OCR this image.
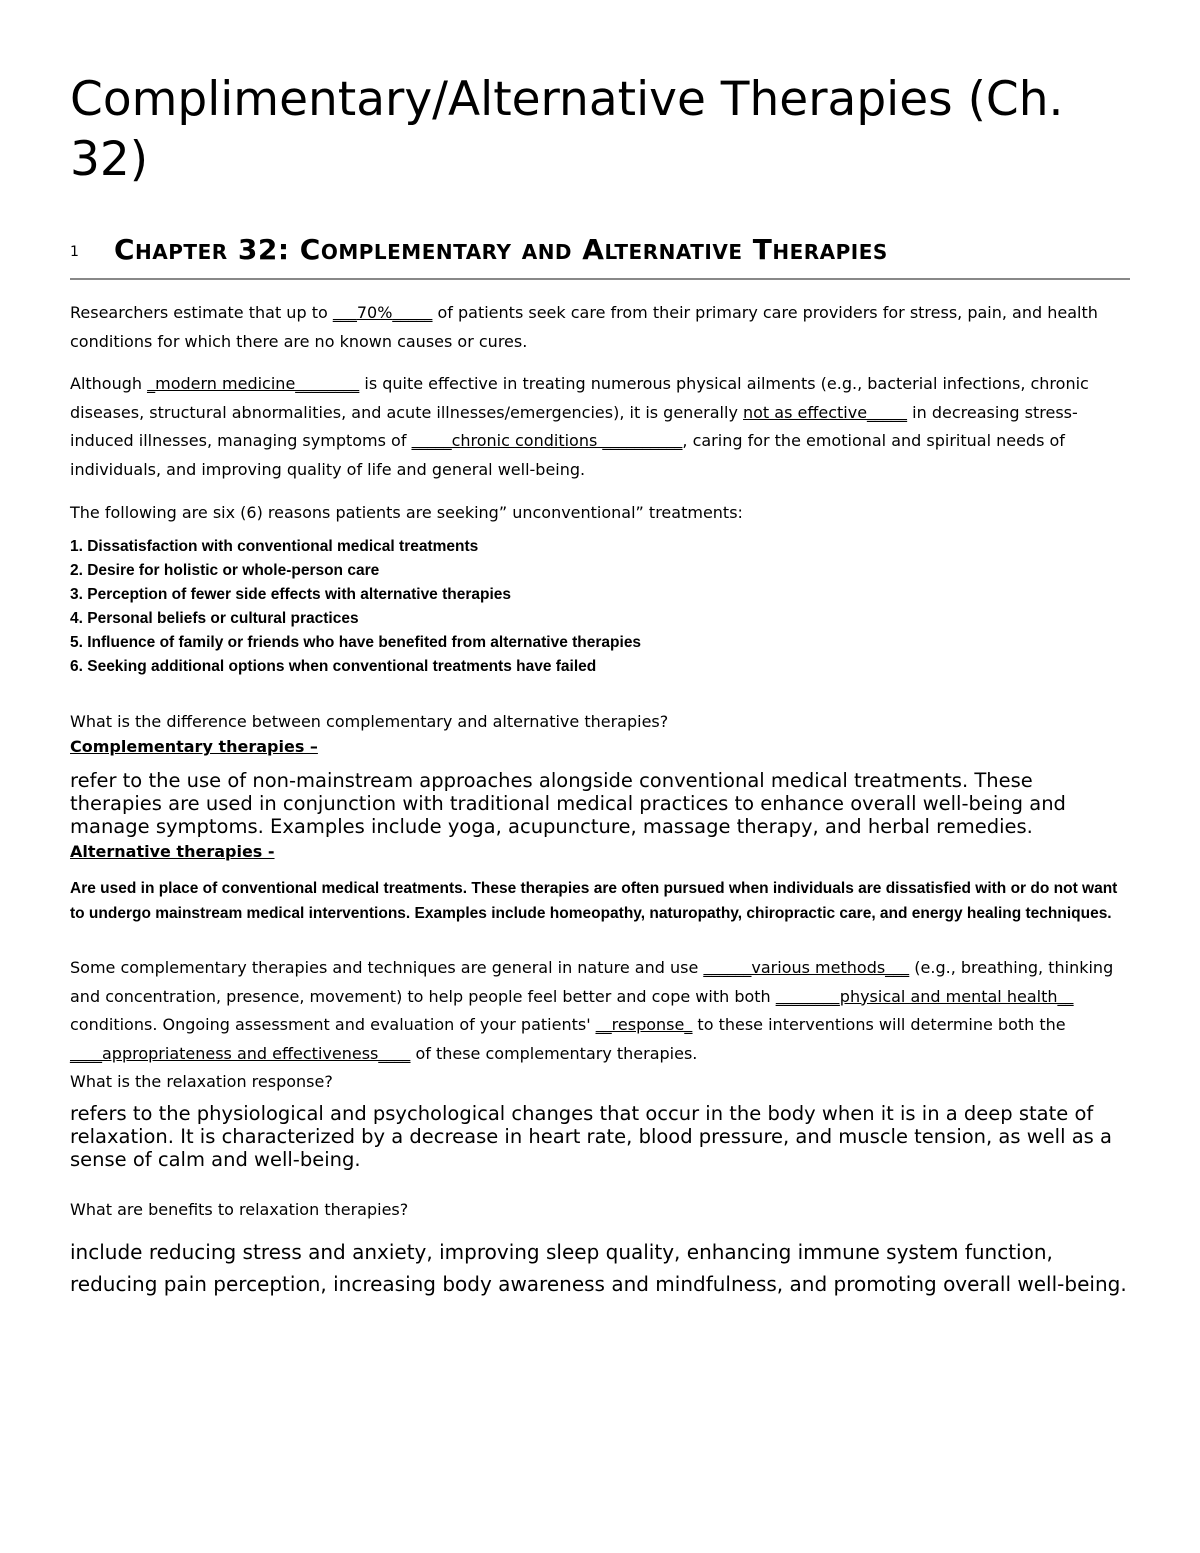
Complimentary/Alternative Therapies (Ch. 32)
1	Chapter 32: Complementary and Alternative Therapies

Researchers estimate that up to ___70%_____ of patients seek care from their primary care providers for stress, pain, and health conditions for which there are no known causes or cures.

Although _modern medicine________ is quite effective in treating numerous physical ailments (e.g., bacterial infections, chronic diseases, structural abnormalities, and acute illnesses/emergencies), it is generally not as effective_____ in decreasing stress-induced illnesses, managing symptoms of _____chronic conditions __________, caring for the emotional and spiritual needs of individuals, and improving quality of life and general well-being.

The following are six (6) reasons patients are seeking” unconventional” treatments:

1. Dissatisfaction with conventional medical treatments
2. Desire for holistic or whole-person care
3. Perception of fewer side effects with alternative therapies
4. Personal beliefs or cultural practices
5. Influence of family or friends who have benefited from alternative therapies
6. Seeking additional options when conventional treatments have failed

What is the difference between complementary and alternative therapies?

Complementary therapies –

refer to the use of non-mainstream approaches alongside conventional medical treatments. These therapies are used in conjunction with traditional medical practices to enhance overall well-being and manage symptoms. Examples include yoga, acupuncture, massage therapy, and herbal remedies.

Alternative therapies -

Are used in place of conventional medical treatments. These therapies are often pursued when individuals are dissatisfied with or do not want to undergo mainstream medical interventions. Examples include homeopathy, naturopathy, chiropractic care, and energy healing techniques.

Some complementary therapies and techniques are general in nature and use ______various methods___ (e.g., breathing, thinking and concentration, presence, movement) to help people feel better and cope with both ________physical and mental health__ conditions. Ongoing assessment and evaluation of your patients' __response_ to these interventions will determine both the ____appropriateness and effectiveness____ of these complementary therapies.

What is the relaxation response?

refers to the physiological and psychological changes that occur in the body when it is in a deep state of relaxation. It is characterized by a decrease in heart rate, blood pressure, and muscle tension, as well as a sense of calm and well-being.

What are benefits to relaxation therapies?

include reducing stress and anxiety, improving sleep quality, enhancing immune system function, reducing pain perception, increasing body awareness and mindfulness, and promoting overall well-being.
